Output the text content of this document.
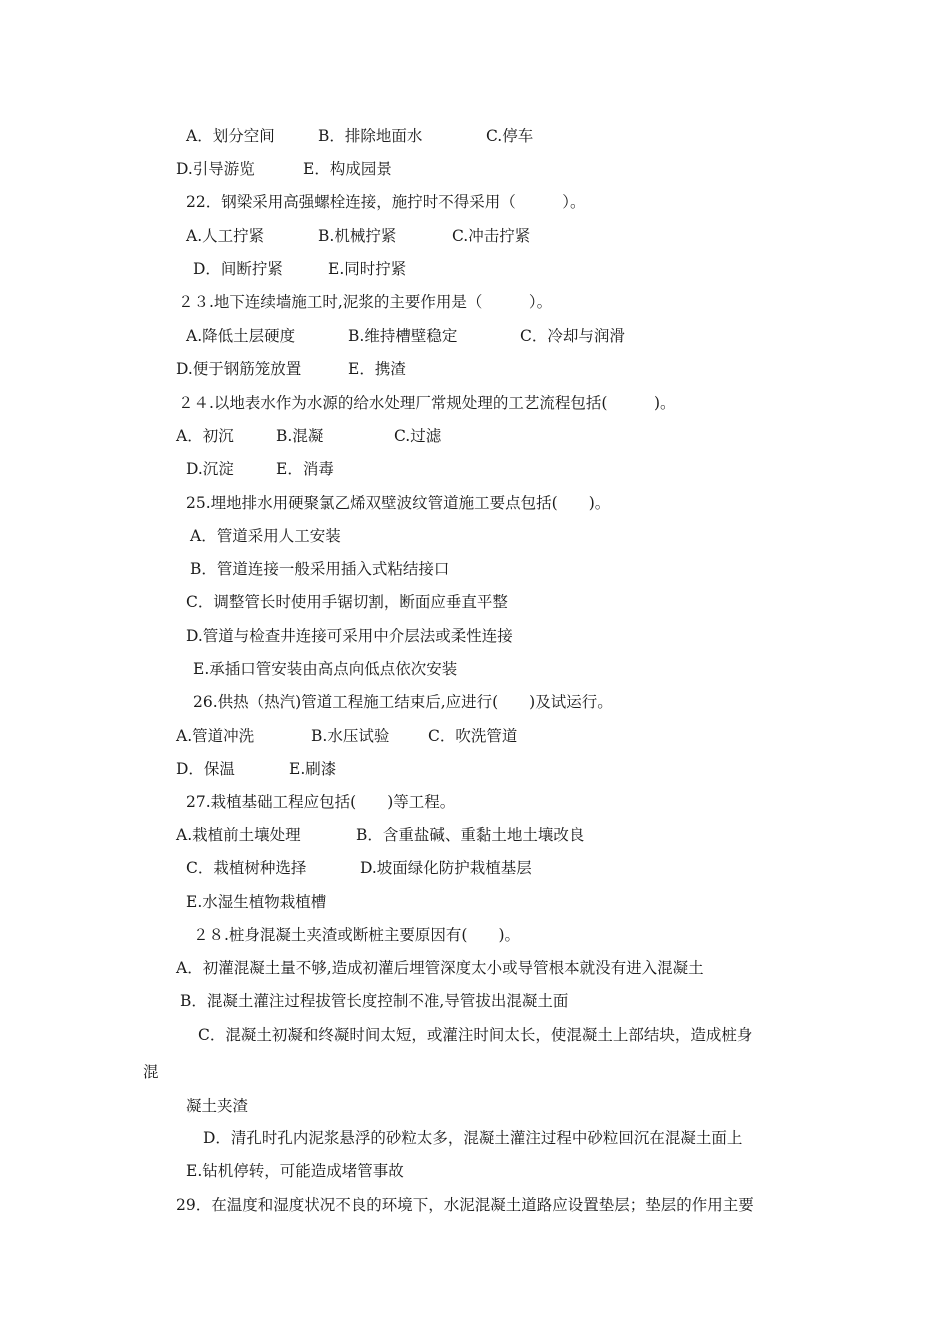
A．划分空间	B．排除地面水	C.停车
D.引导游览	E．构成园景
22．钢梁采用高强螺栓连接，施拧时不得采用（　　　）。
A.人工拧紧	B.机械拧紧	C.冲击拧紧
D．间断拧紧	E.同时拧紧
２３.地下连续墙施工时,泥浆的主要作用是（　　　）。
A.降低土层硬度	B.维持槽壁稳定	C．冷却与润滑
D.便于钢筋笼放置	E．携渣
２４.以地表水作为水源的给水处理厂常规处理的工艺流程包括(　　　)。
A．初沉	B.混凝	C.过滤
D.沉淀	E．消毒
25.埋地排水用硬聚氯乙烯双壁波纹管道施工要点包括(　　)。
A．管道采用人工安装
B．管道连接一般采用插入式粘结接口
C．调整管长时使用手锯切割，断面应垂直平整
D.管道与检查井连接可采用中介层法或柔性连接
E.承插口管安装由高点向低点依次安装
26.供热（热汽)管道工程施工结束后,应进行(　　)及试运行。
A.管道冲洗	B.水压试验 C．吹洗管道
D．保温	E.刷漆
27.栽植基础工程应包括(　　)等工程。
A.栽植前土壤处理	B．含重盐碱、重黏土地土壤改良
C．栽植树种选择	D.坡面绿化防护栽植基层
E.水湿生植物栽植槽
２８.桩身混凝土夹渣或断桩主要原因有(　　)。
A．初灌混凝土量不够,造成初灌后埋管深度太小或导管根本就没有进入混凝土
B．混凝土灌注过程拔管长度控制不准,导管拔出混凝土面
C．混凝土初凝和终凝时间太短，或灌注时间太长，使混凝土上部结块，造成桩身
混
凝土夹渣
D．清孔时孔内泥浆悬浮的砂粒太多，混凝土灌注过程中砂粒回沉在混凝土面上
E.钻机停转，可能造成堵管事故
29．在温度和湿度状况不良的环境下，水泥混凝土道路应设置垫层；垫层的作用主要
